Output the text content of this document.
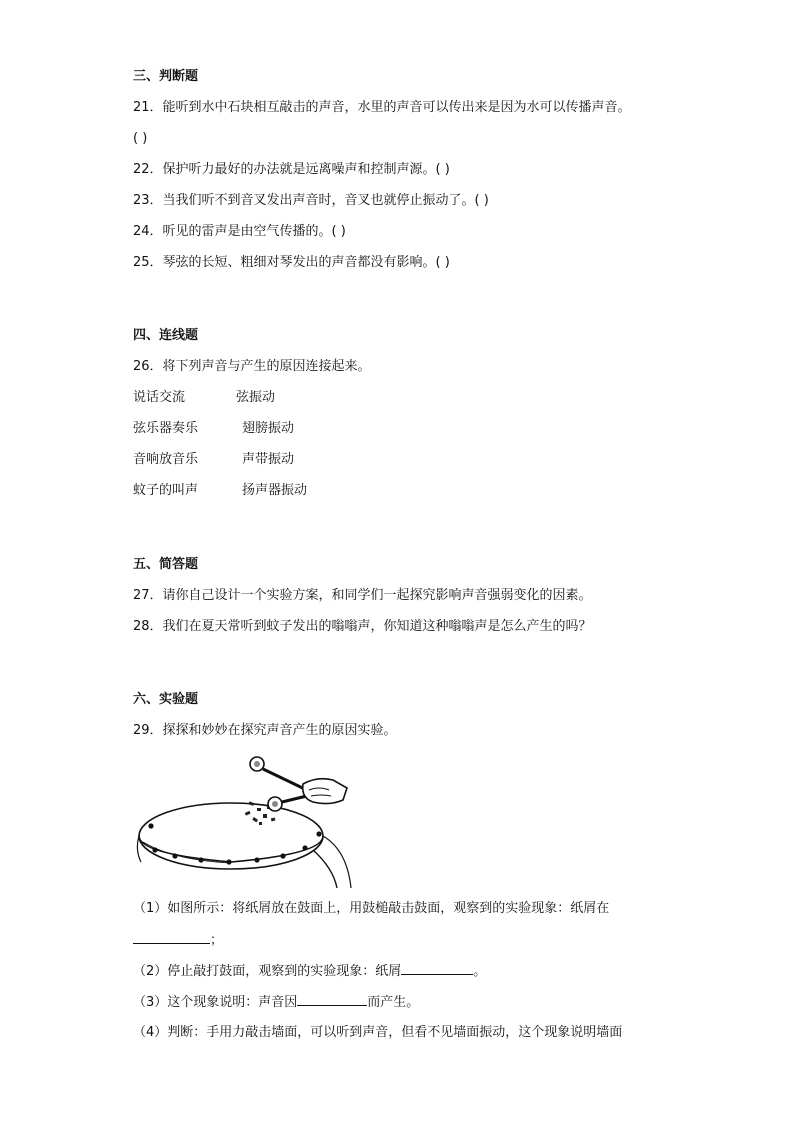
三、判断题
21．能听到水中石块相互敲击的声音，水里的声音可以传出来是因为水可以传播声音。
( )
22．保护听力最好的办法就是远离噪声和控制声源。( )
23．当我们听不到音叉发出声音时，音叉也就停止振动了。( )
24．听见的雷声是由空气传播的。( )
25．琴弦的长短、粗细对琴发出的声音都没有影响。( )
四、连线题
26．将下列声音与产生的原因连接起来。
说话交流	弦振动
弦乐器奏乐	翅膀振动
音响放音乐	声带振动
蚊子的叫声	扬声器振动
五、简答题
27．请你自己设计一个实验方案，和同学们一起探究影响声音强弱变化的因素。
28．我们在夏天常听到蚊子发出的嗡嗡声，你知道这种嗡嗡声是怎么产生的吗？
六、实验题
29．探探和妙妙在探究声音产生的原因实验。
（1）如图所示：将纸屑放在鼓面上，用鼓槌敲击鼓面，观察到的实验现象：纸屑在
；
（2）停止敲打鼓面，观察到的实验现象：纸屑	。
（3）这个现象说明：声音因	而产生。
（4）判断：手用力敲击墙面，可以听到声音，但看不见墙面振动，这个现象说明墙面
